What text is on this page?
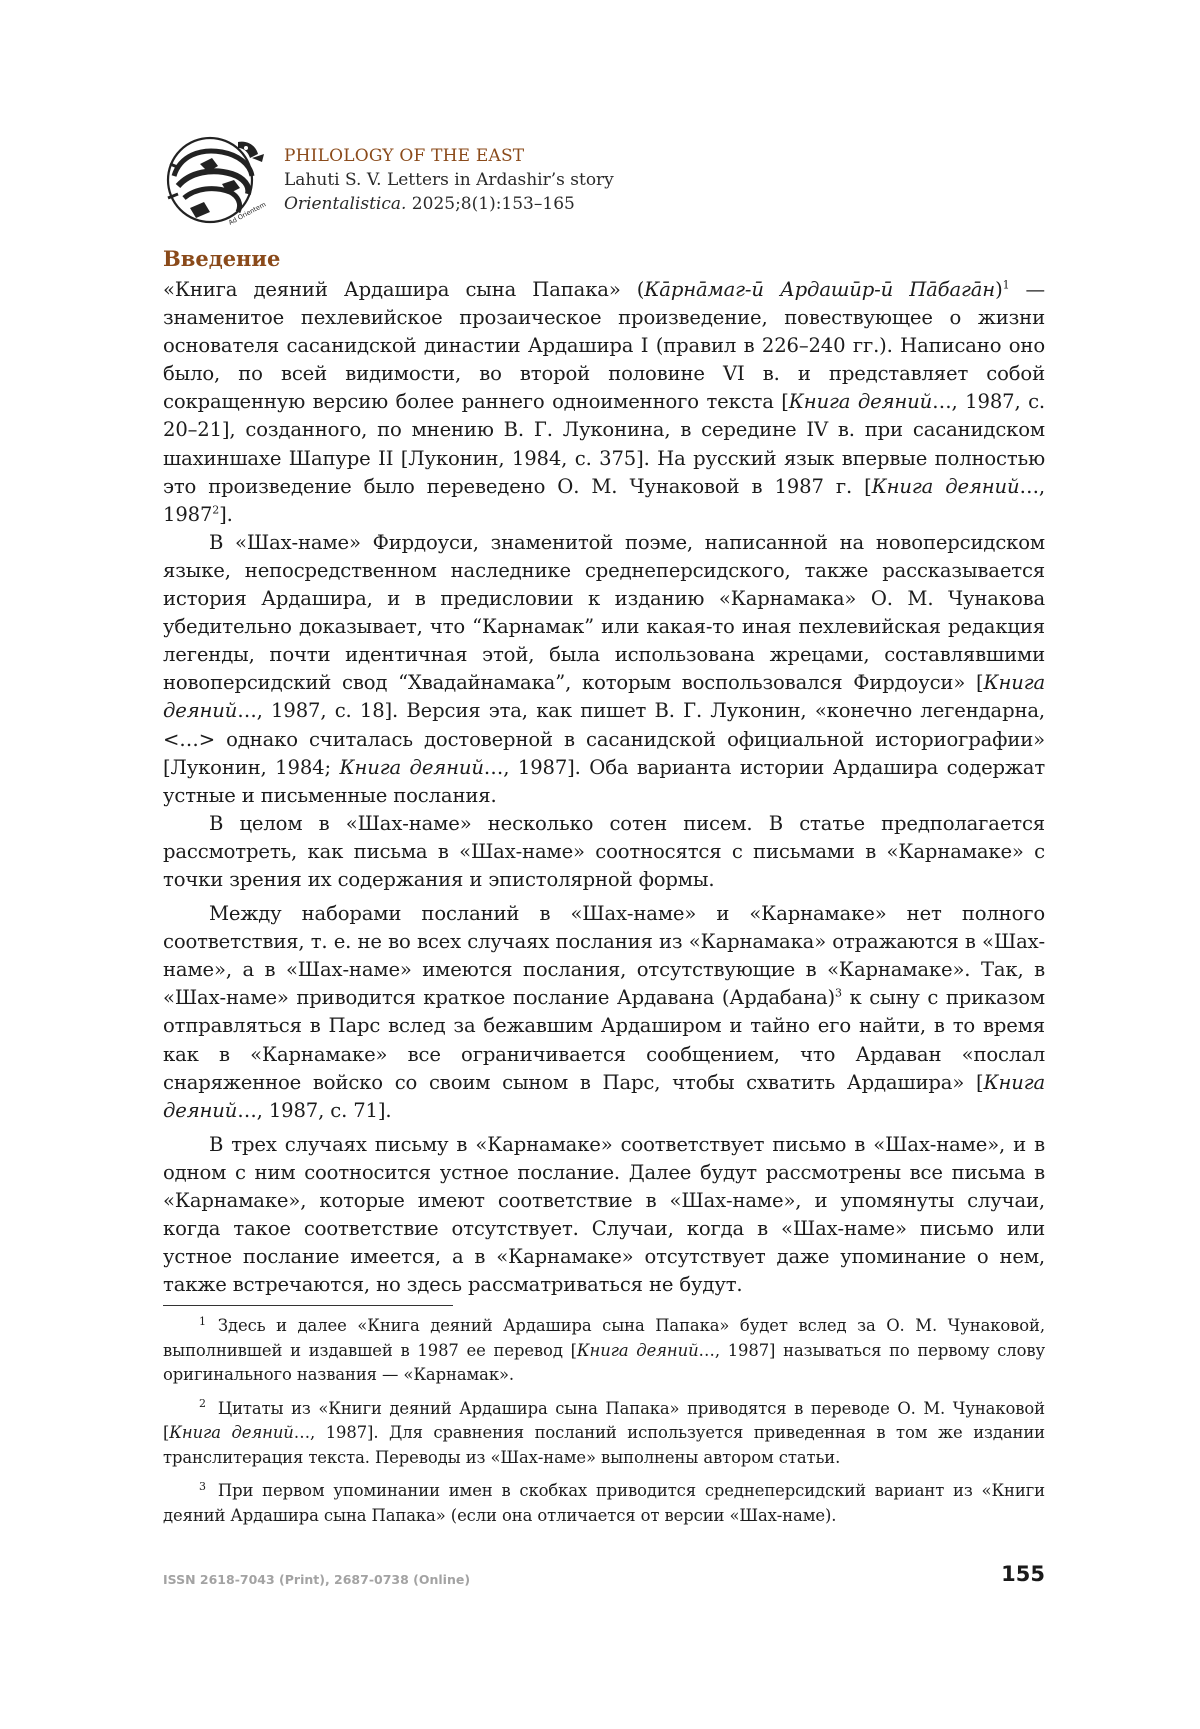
Ad Orientem
PHILOLOGY OF THE EAST
Lahuti S. V. Letters in Ardashir’s story
Orientalistica. 2025;8(1):153–165
Введение

«Книга деяний Ардашира сына Папака» (Кāрнāмаг-ӣ Ардашӣр-ӣ Пāбагāн)$^1$ — знаменитое пехлевийское прозаическое произведение, повествующее о жизни основателя сасанидской династии Ардашира I (правил в 226–240 гг.). Написано оно было, по всей видимости, во второй половине VI в. и представляет собой сокращенную версию более раннего одноименного текста [Книга деяний…, 1987, с. 20–21], созданного, по мнению В. Г. Луконина, в середине IV в. при сасанидском шахиншахе Шапуре II [Луконин, 1984, с. 375]. На русский язык впервые полностью это произведение было переведено О. М. Чунаковой в 1987 г. [Книга деяний…, 1987$^2$].

В «Шах-наме» Фирдоуси, знаменитой поэме, написанной на новоперсидском языке, непосредственном наследнике среднеперсидского, также рассказывается история Ардашира, и в предисловии к изданию «Карнамака» О. М. Чунакова убедительно доказывает, что “Карнамак” или какая-то иная пехлевийская редакция легенды, почти идентичная этой, была использована жрецами, составлявшими новоперсидский свод “Хвадайнамака”, которым воспользовался Фирдоуси» [Книга деяний…, 1987, с. 18]. Версия эта, как пишет В. Г. Луконин, «конечно легендарна, <…> однако считалась достоверной в сасанидской официальной историографии» [Луконин, 1984; Книга деяний…, 1987]. Оба варианта истории Ардашира содержат устные и письменные послания.

В целом в «Шах-наме» несколько сотен писем. В статье предполагается рассмотреть, как письма в «Шах-наме» соотносятся с письмами в «Карнамаке» с точки зрения их содержания и эпистолярной формы.

Между наборами посланий в «Шах-наме» и «Карнамаке» нет полного соответствия, т. е. не во всех случаях послания из «Карнамака» отражаются в «Шах-наме», а в «Шах-наме» имеются послания, отсутствующие в «Карнамаке». Так, в «Шах-наме» приводится краткое послание Ардавана (Ардабана)$^3$ к сыну с приказом отправляться в Парс вслед за бежавшим Ардаширом и тайно его найти, в то время как в «Карнамаке» все ограничивается сообщением, что Ардаван «послал снаряженное войско со своим сыном в Парс, чтобы схватить Ардашира» [Книга деяний…, 1987, с. 71].

В трех случаях письму в «Карнамаке» соответствует письмо в «Шах-наме», и в одном с ним соотносится устное послание. Далее будут рассмотрены все письма в «Карнамаке», которые имеют соответствие в «Шах-наме», и упомянуты случаи, когда такое соответствие отсутствует. Случаи, когда в «Шах-наме» письмо или устное послание имеется, а в «Карнамаке» отсутствует даже упоминание о нем, также встречаются, но здесь рассматриваться не будут.

$^1$ Здесь и далее «Книга деяний Ардашира сына Папака» будет вслед за О. М. Чунаковой, выполнившей и издавшей в 1987 ее перевод [Книга деяний…, 1987] называться по первому слову оригинального названия — «Карнамак».

$^2$ Цитаты из «Книги деяний Ардашира сына Папака» приводятся в переводе О. М. Чунаковой [Книга деяний…, 1987]. Для сравнения посланий используется приведенная в том же издании транслитерация текста. Переводы из «Шах-наме» выполнены автором статьи.

$^3$ При первом упоминании имен в скобках приводится среднеперсидский вариант из «Книги деяний Ардашира сына Папака» (если она отличается от версии «Шах-наме).

ISSN 2618-7043 (Print), 2687-0738 (Online)	155
